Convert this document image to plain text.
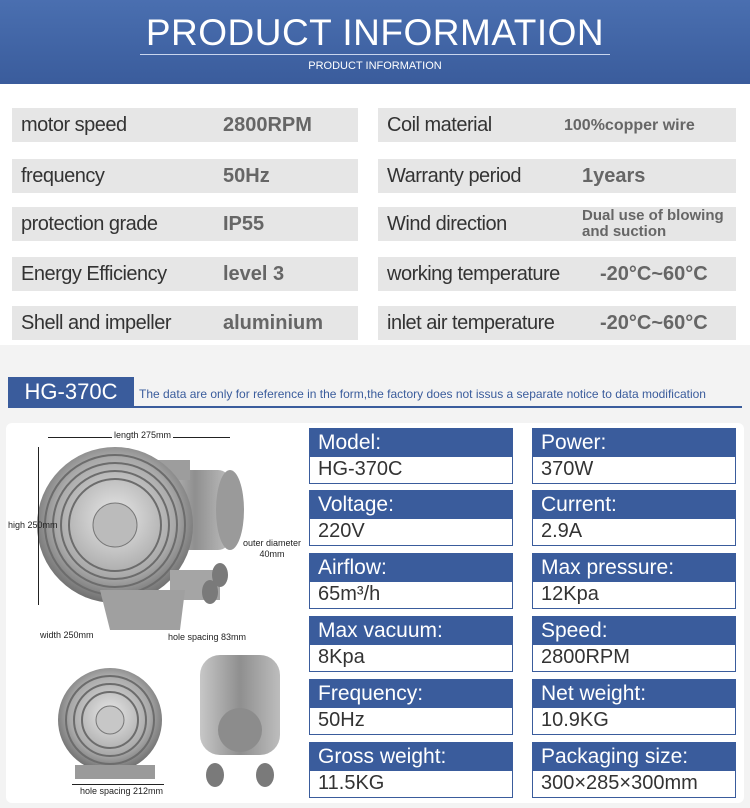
PRODUCT INFORMATION
PRODUCT INFORMATION
motor speed	2800RPM
frequency	50Hz
protection grade	IP55
Energy Efficiency	level 3
Shell and impeller	aluminium
Coil material	100%copper wire
Warranty period	1years
Wind direction	Dual use of blowing and suction
working temperature -20°C~60°C
inlet air temperature -20°C~60°C
HG-370C	The data are only for reference in the form,the factory does not issus a separate notice to data modification
length 275mm
high 250mm
outer diameter 40mm
width 250mm	hole spacing 83mm
hole spacing 212mm
Model:
HG-370C
Power:
370W
Voltage:
220V
Current:
2.9A
Airflow:
65m³/h
Max pressure:
12Kpa
Max vacuum:
8Kpa
Speed:
2800RPM
Frequency:
50Hz
Net weight:
10.9KG
Gross weight:
11.5KG
Packaging size:
300×285×300mm
